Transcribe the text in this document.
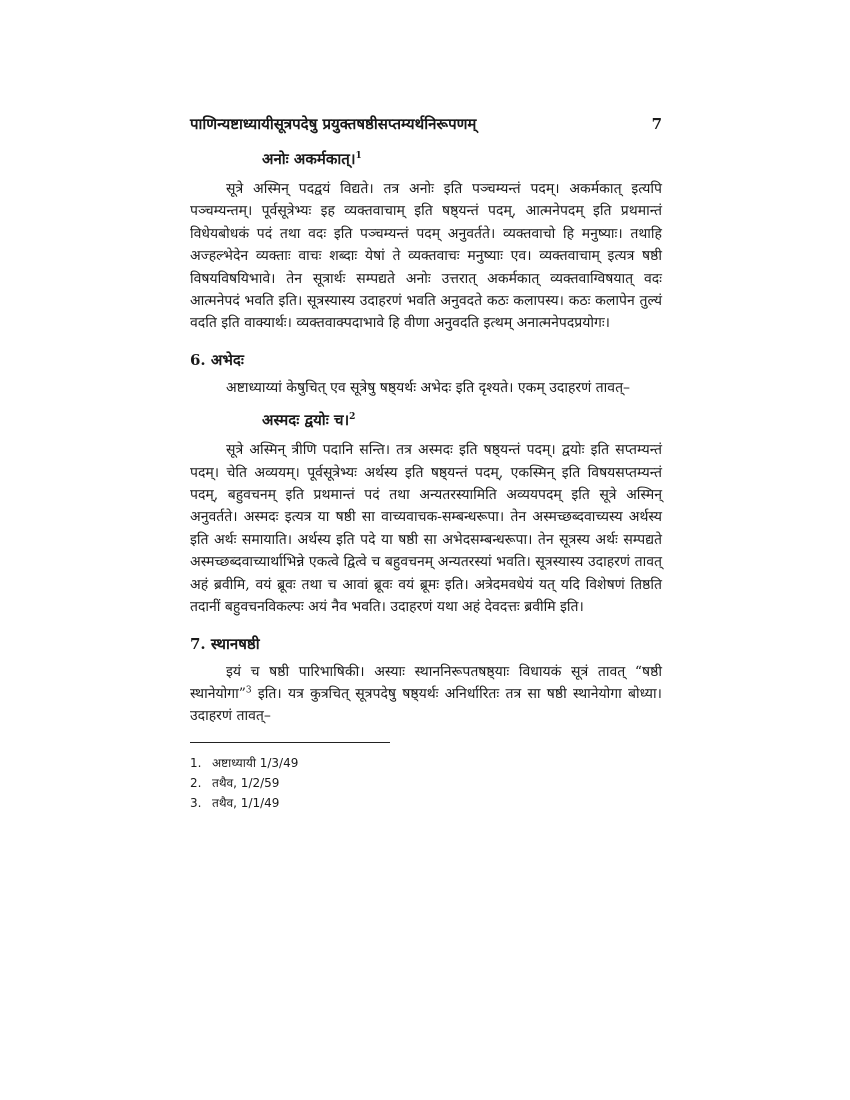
पाणिन्यष्टाध्यायीसूत्रपदेषु प्रयुक्तषष्ठीसप्तम्यर्थनिरूपणम्	7
अनोः अकर्मकात्।$^1$

सूत्रे अस्मिन् पदद्वयं विद्यते। तत्र अनोः इति पञ्चम्यन्तं पदम्। अकर्मकात् इत्यपि पञ्चम्यन्तम्। पूर्वसूत्रेभ्यः इह व्यक्तवाचाम् इति षष्ठ्यन्तं पदम्, आत्मनेपदम् इति प्रथमान्तं विधेयबोधकं पदं तथा वदः इति पञ्चम्यन्तं पदम् अनुवर्तते। व्यक्तवाचो हि मनुष्याः। तथाहि अज्हल्भेदेन व्यक्ताः वाचः शब्दाः येषां ते व्यक्तवाचः मनुष्याः एव। व्यक्तवाचाम् इत्यत्र षष्ठी विषयविषयिभावे। तेन सूत्रार्थः सम्पद्यते अनोः उत्तरात् अकर्मकात् व्यक्तवाग्विषयात् वदः आत्मनेपदं भवति इति। सूत्रस्यास्य उदाहरणं भवति अनुवदते कठः कलापस्य। कठः कलापेन तुल्यं वदति इति वाक्यार्थः। व्यक्तवाक्पदाभावे हि वीणा अनुवदति इत्थम् अनात्मनेपदप्रयोगः।

6. अभेदः

अष्टाध्याय्यां केषुचित् एव सूत्रेषु षष्ठ्यर्थः अभेदः इति दृश्यते। एकम् उदाहरणं तावत्–

अस्मदः द्वयोः च।$^2$

सूत्रे अस्मिन् त्रीणि पदानि सन्ति। तत्र अस्मदः इति षष्ठ्यन्तं पदम्। द्वयोः इति सप्तम्यन्तं पदम्। चेति अव्ययम्। पूर्वसूत्रेभ्यः अर्थस्य इति षष्ठ्यन्तं पदम्, एकस्मिन् इति विषयसप्तम्यन्तं पदम्, बहुवचनम् इति प्रथमान्तं पदं तथा अन्यतरस्यामिति अव्ययपदम् इति सूत्रे अस्मिन् अनुवर्तते। अस्मदः इत्यत्र या षष्ठी सा वाच्यवाचक-सम्बन्धरूपा। तेन अस्मच्छब्दवाच्यस्य अर्थस्य इति अर्थः समायाति। अर्थस्य इति पदे या षष्ठी सा अभेदसम्बन्धरूपा। तेन सूत्रस्य अर्थः सम्पद्यते अस्मच्छब्दवाच्यार्थाभिन्ने एकत्वे द्वित्वे च बहुवचनम् अन्यतरस्यां भवति। सूत्रस्यास्य उदाहरणं तावत् अहं ब्रवीमि, वयं ब्रूवः तथा च आवां ब्रूवः वयं ब्रूमः इति। अत्रेदमवधेयं यत् यदि विशेषणं तिष्ठति तदानीं बहुवचनविकल्पः अयं नैव भवति। उदाहरणं यथा अहं देवदत्तः ब्रवीमि इति।

7. स्थानषष्ठी

इयं च षष्ठी पारिभाषिकी। अस्याः स्थाननिरूपतषष्ठ्याः विधायकं सूत्रं तावत् “षष्ठी स्थानेयोगा”$^3$ इति। यत्र कुत्रचित् सूत्रपदेषु षष्ठ्यर्थः अनिर्धारितः तत्र सा षष्ठी स्थानेयोगा बोध्या। उदाहरणं तावत्–

1. अष्टाध्यायी 1/3/49
2. तथैव, 1/2/59
3. तथैव, 1/1/49
